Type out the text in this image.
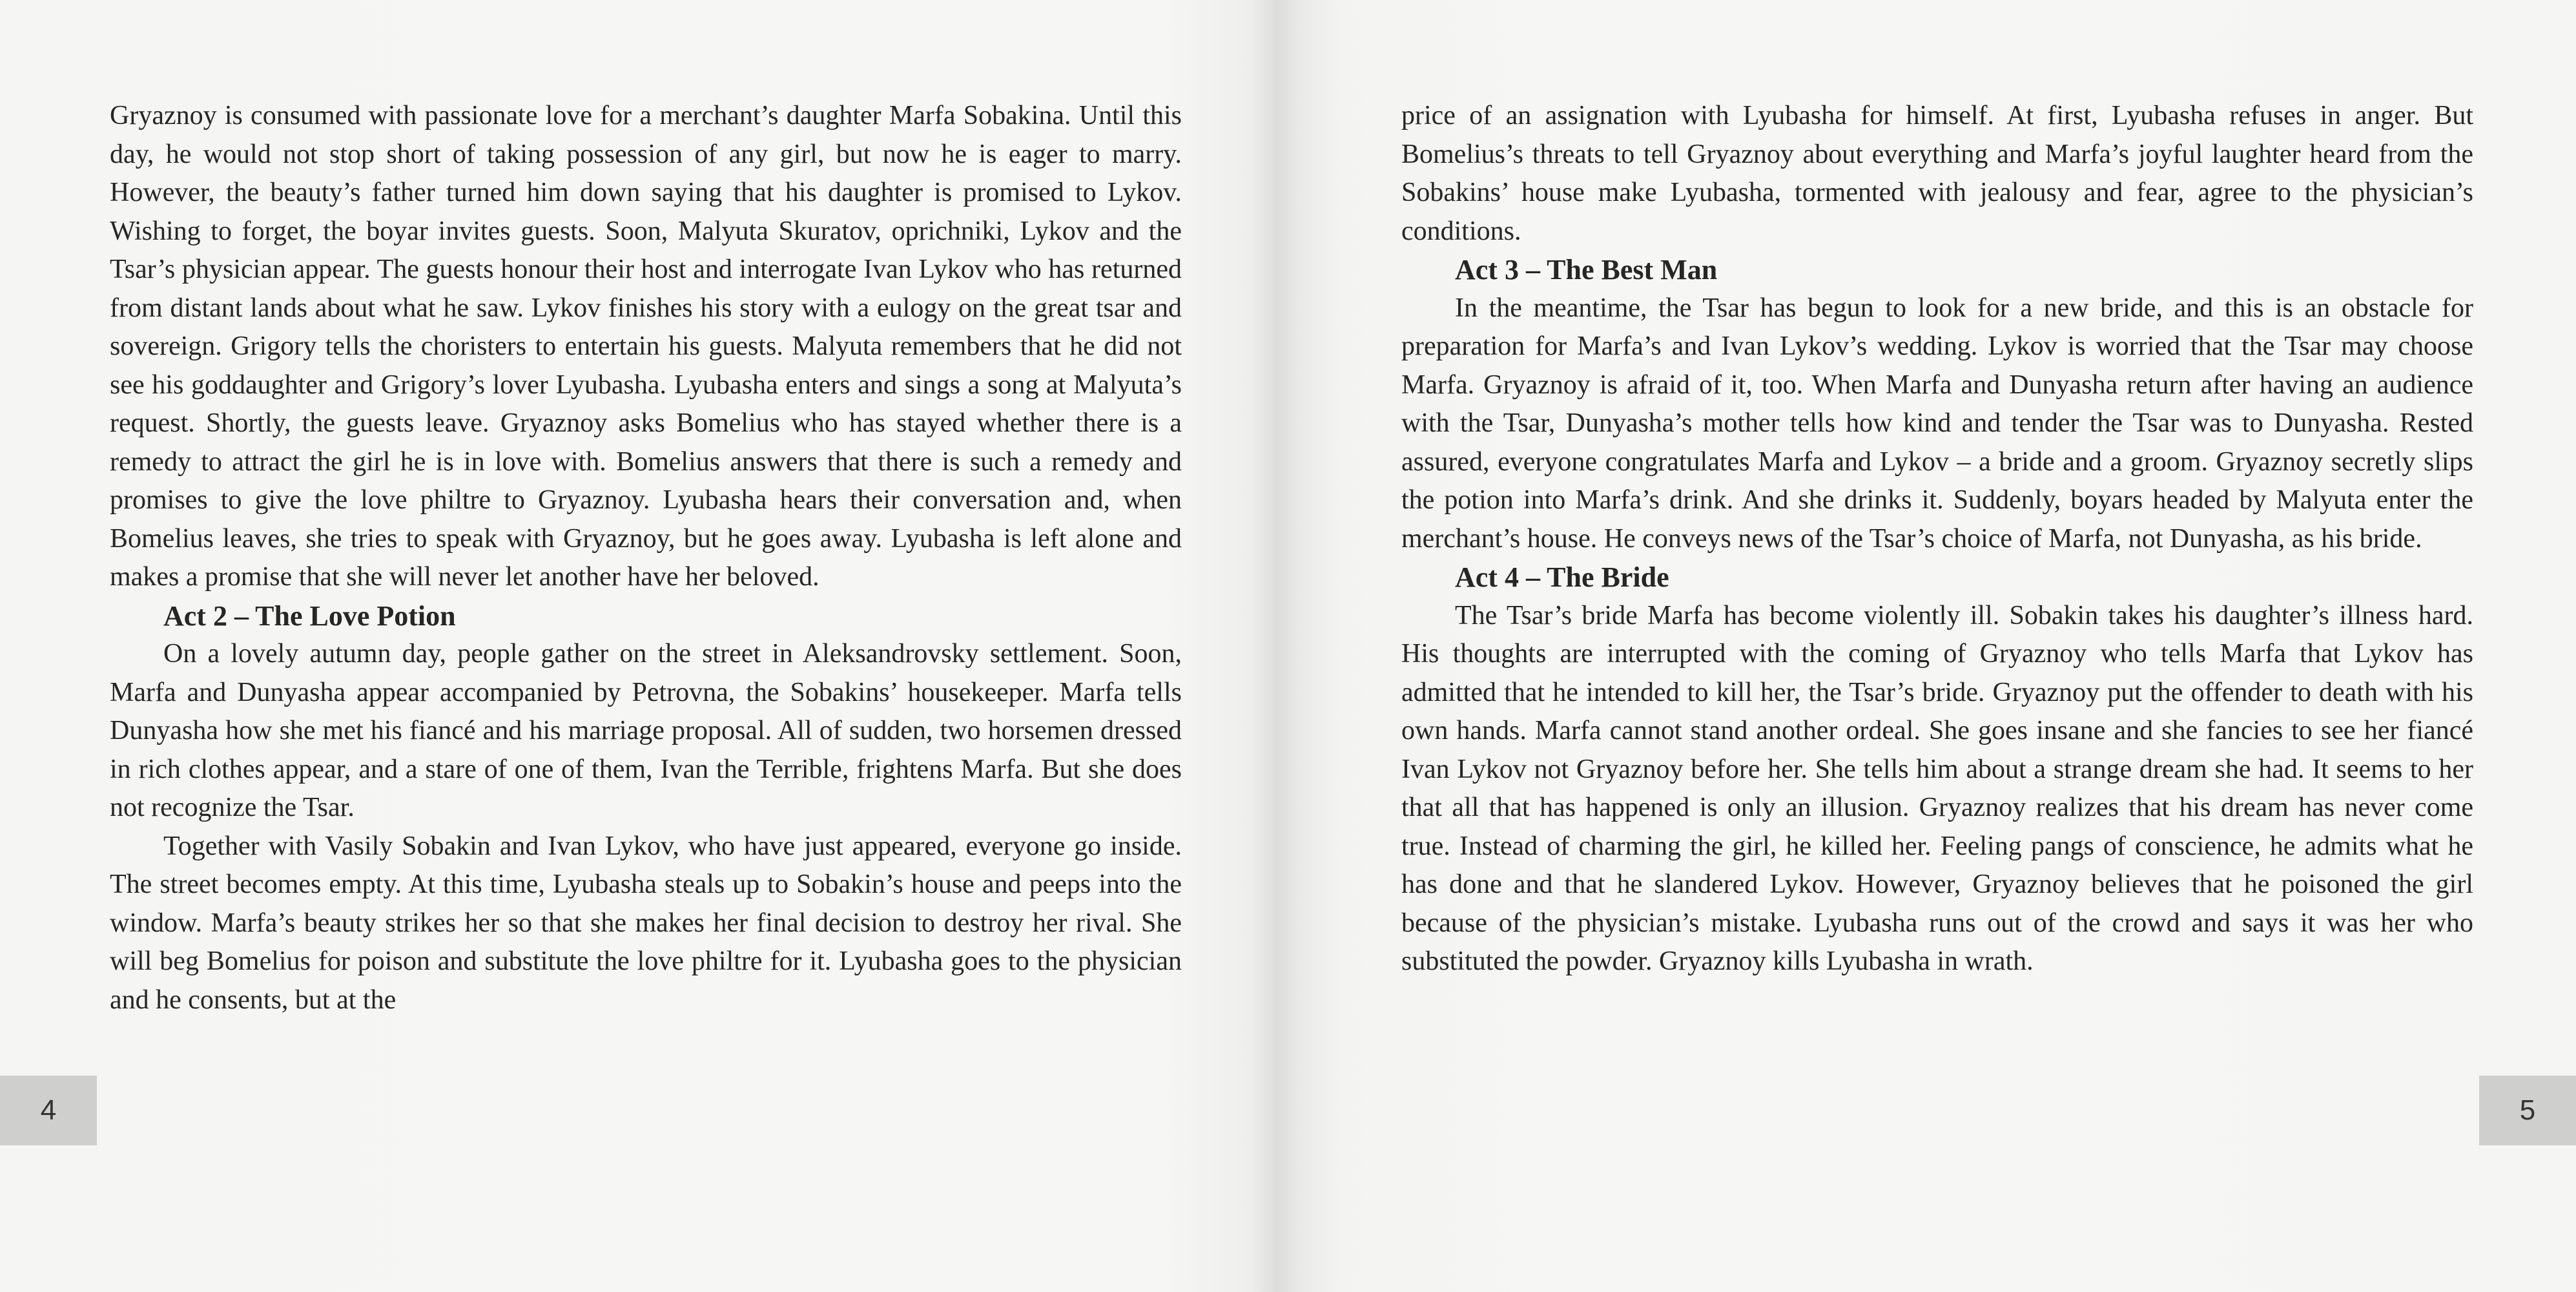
Gryaznoy is consumed with passionate love for a merchant’s daughter Marfa Sobakina. Until this day, he would not stop short of taking possession of any girl, but now he is eager to marry. However, the beauty’s father turned him down saying that his daughter is promised to Lykov. Wishing to forget, the boyar invites guests. Soon, Malyuta Skuratov, oprichniki, Lykov and the Tsar’s physician appear. The guests honour their host and interrogate Ivan Lykov who has returned from distant lands about what he saw. Lykov finishes his story with a eulogy on the great tsar and sovereign. Grigory tells the choristers to entertain his guests. Malyuta remembers that he did not see his goddaughter and Grigory’s lover Lyubasha. Lyubasha enters and sings a song at Malyuta’s request. Shortly, the guests leave. Gryaznoy asks Bomelius who has stayed whether there is a remedy to attract the girl he is in love with. Bomelius answers that there is such a remedy and promises to give the love philtre to Gryaznoy. Lyubasha hears their conversation and, when Bomelius leaves, she tries to speak with Gryaznoy, but he goes away. Lyubasha is left alone and makes a promise that she will never let another have her beloved.

Act 2 – The Love Potion

On a lovely autumn day, people gather on the street in Aleksandrovsky settlement. Soon, Marfa and Dunyasha appear accompanied by Petrovna, the Sobakins’ housekeeper. Marfa tells Dunyasha how she met his fiancé and his marriage proposal. All of sudden, two horsemen dressed in rich clothes appear, and a stare of one of them, Ivan the Terrible, frightens Marfa. But she does not recognize the Tsar.

Together with Vasily Sobakin and Ivan Lykov, who have just appeared, everyone go inside. The street becomes empty. At this time, Lyubasha steals up to Sobakin’s house and peeps into the window. Marfa’s beauty strikes her so that she makes her final decision to destroy her rival. She will beg Bomelius for poison and substitute the love philtre for it. Lyubasha goes to the physician and he consents, but at the

4

price of an assignation with Lyubasha for himself. At first, Lyubasha refuses in anger. But Bomelius’s threats to tell Gryaznoy about everything and Marfa’s joyful laughter heard from the Sobakins’ house make Lyubasha, tormented with jealousy and fear, agree to the physician’s conditions.

Act 3 – The Best Man

In the meantime, the Tsar has begun to look for a new bride, and this is an obstacle for preparation for Marfa’s and Ivan Lykov’s wedding. Lykov is worried that the Tsar may choose Marfa. Gryaznoy is afraid of it, too. When Marfa and Dunyasha return after having an audience with the Tsar, Dunyasha’s mother tells how kind and tender the Tsar was to Dunyasha. Rested assured, everyone congratulates Marfa and Lykov – a bride and a groom. Gryaznoy secretly slips the potion into Marfa’s drink. And she drinks it. Suddenly, boyars headed by Malyuta enter the merchant’s house. He conveys news of the Tsar’s choice of Marfa, not Dunyasha, as his bride.

Act 4 – The Bride

The Tsar’s bride Marfa has become violently ill. Sobakin takes his daughter’s illness hard. His thoughts are interrupted with the coming of Gryaznoy who tells Marfa that Lykov has admitted that he intended to kill her, the Tsar’s bride. Gryaznoy put the offender to death with his own hands. Marfa cannot stand another ordeal. She goes insane and she fancies to see her fiancé Ivan Lykov not Gryaznoy before her. She tells him about a strange dream she had. It seems to her that all that has happened is only an illusion. Gryaznoy realizes that his dream has never come true. Instead of charming the girl, he killed her. Feeling pangs of conscience, he admits what he has done and that he slandered Lykov. However, Gryaznoy believes that he poisoned the girl because of the physician’s mistake. Lyubasha runs out of the crowd and says it was her who substituted the powder. Gryaznoy kills Lyubasha in wrath.

5
